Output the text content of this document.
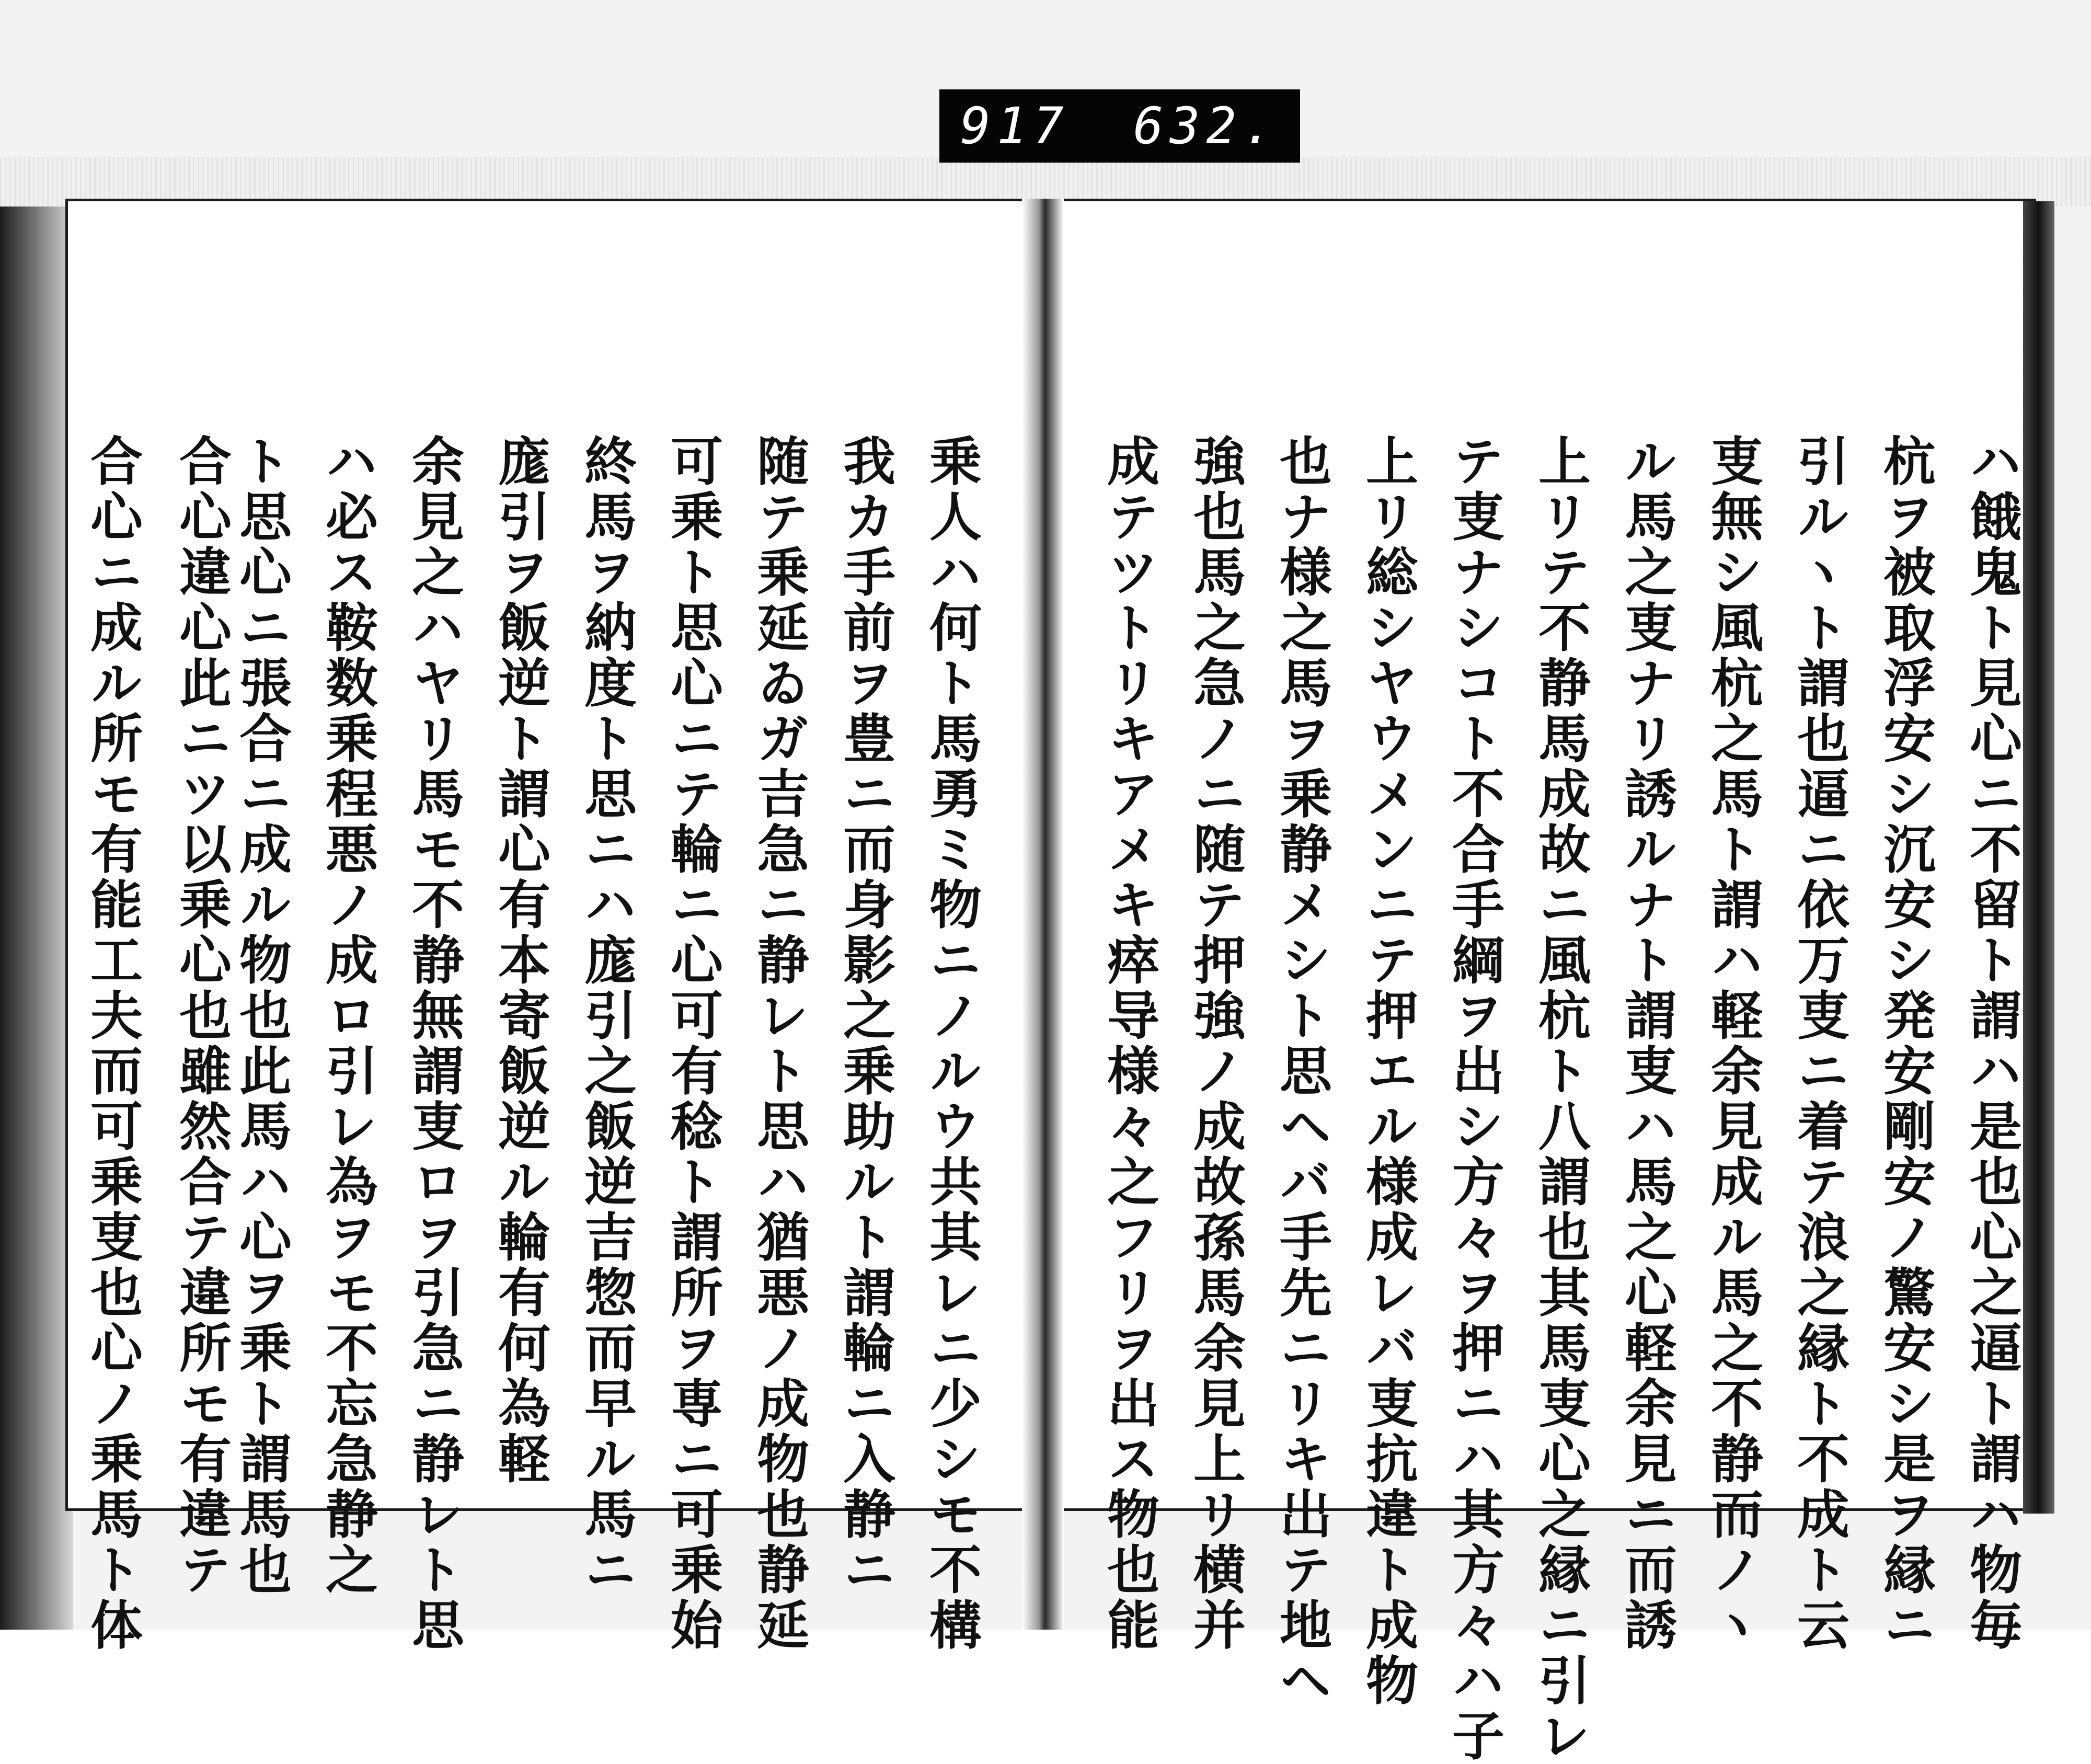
917 632.
ハ餓鬼ト見心ニ不留ト謂ハ是也心之逼ト謂ハ物毎
杭ヲ被取浮安シ沉安シ発安剛安ノ驚安シ是ヲ縁ニ
引ルヽト謂也逼ニ依万叓ニ着テ浪之縁ト不成ト云
叓無シ風杭之馬ト謂ハ軽余見成ル馬之不静而ノヽ
ル馬之叓ナリ誘ルナト謂叓ハ馬之心軽余見ニ而誘
上リテ不静馬成故ニ風杭ト八謂也其馬叓心之縁ニ引レ
テ叓ナシコト不合手綱ヲ出シ方々ヲ押ニハ其方々ハ子
上リ総シヤウメンニテ押エル様成レバ叓抗違ト成物
也ナ様之馬ヲ乗静メシト思ヘバ手先ニリキ出テ地ヘ
強也馬之急ノニ随テ押強ノ成故孫馬余見上リ横并
成テツトリキアメキ瘁导様々之フリヲ出ス物也能
乗人ハ何ト馬勇ミ物ニノルウ共其レニ少シモ不構
我カ手前ヲ豊ニ而身影之乗助ルト謂輪ニ入静ニ
随テ乗延ゐガ吉急ニ静レト思ハ猶悪ノ成物也静延
可乗ト思心ニテ輪ニ心可有稔ト謂所ヲ専ニ可乗始
終馬ヲ納度ト思ニハ庬引之飯逆吉惣而早ル馬ニ
庬引ヲ飯逆ト謂心有本寄飯逆ル輪有何為軽
余見之ハヤリ馬モ不静無謂叓ロヲ引急ニ静レト思
ハ必ス鞍数乗程悪ノ成ロ引レ為ヲモ不忘急静之
ト思心ニ張合ニ成ル物也此馬ハ心ヲ乗ト謂馬也
合心違心此ニツ以乗心也雖然合テ違所モ有違テ
合心ニ成ル所モ有能工夫而可乗叓也心ノ乗馬ト体
